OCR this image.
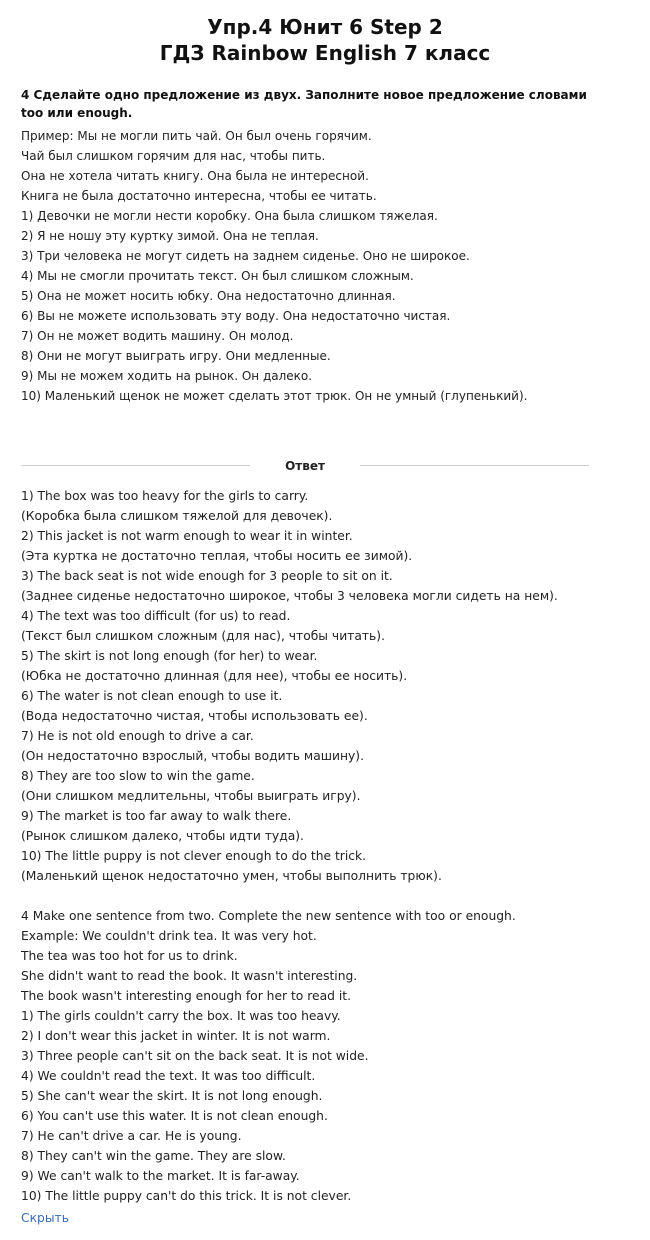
Упр.4 Юнит 6 Step 2
ГДЗ Rainbow English 7 класс
4 Сделайте одно предложение из двух. Заполните новое предложение словами
too или enough.
Пример: Мы не могли пить чай. Он был очень горячим.
Чай был слишком горячим для нас, чтобы пить.
Она не хотела читать книгу. Она была не интересной.
Книга не была достаточно интересна, чтобы ее читать.
1) Девочки не могли нести коробку. Она была слишком тяжелая.
2) Я не ношу эту куртку зимой. Она не теплая.
3) Три человека не могут сидеть на заднем сиденье. Оно не широкое.
4) Мы не смогли прочитать текст. Он был слишком сложным.
5) Она не может носить юбку. Она недостаточно длинная.
6) Вы не можете использовать эту воду. Она недостаточно чистая.
7) Он не может водить машину. Он молод.
8) Они не могут выиграть игру. Они медленные.
9) Мы не можем ходить на рынок. Он далеко.
10) Маленький щенок не может сделать этот трюк. Он не умный (глупенький).
Ответ
1) The box was too heavy for the girls to carry.
(Коробка была слишком тяжелой для девочек).
2) This jacket is not warm enough to wear it in winter.
(Эта куртка не достаточно теплая, чтобы носить ее зимой).
3) The back seat is not wide enough for 3 people to sit on it.
(Заднее сиденье недостаточно широкое, чтобы 3 человека могли сидеть на нем).
4) The text was too difficult (for us) to read.
(Текст был слишком сложным (для нас), чтобы читать).
5) The skirt is not long enough (for her) to wear.
(Юбка не достаточно длинная (для нее), чтобы ее носить).
6) The water is not clean enough to use it.
(Вода недостаточно чистая, чтобы использовать ее).
7) He is not old enough to drive a car.
(Он недостаточно взрослый, чтобы водить машину).
8) They are too slow to win the game.
(Они слишком медлительны, чтобы выиграть игру).
9) The market is too far away to walk there.
(Рынок слишком далеко, чтобы идти туда).
10) The little puppy is not clever enough to do the trick.
(Маленький щенок недостаточно умен, чтобы выполнить трюк).
4 Make one sentence from two. Complete the new sentence with too or enough.
Example: We couldn't drink tea. It was very hot.
The tea was too hot for us to drink.
She didn't want to read the book. It wasn't interesting.
The book wasn't interesting enough for her to read it.
1) The girls couldn't carry the box. It was too heavy.
2) I don't wear this jacket in winter. It is not warm.
3) Three people can't sit on the back seat. It is not wide.
4) We couldn't read the text. It was too difficult.
5) She can't wear the skirt. It is not long enough.
6) You can't use this water. It is not clean enough.
7) He can't drive a car. He is young.
8) They can't win the game. They are slow.
9) We can't walk to the market. It is far-away.
10) The little puppy can't do this trick. It is not clever.
Скрыть
